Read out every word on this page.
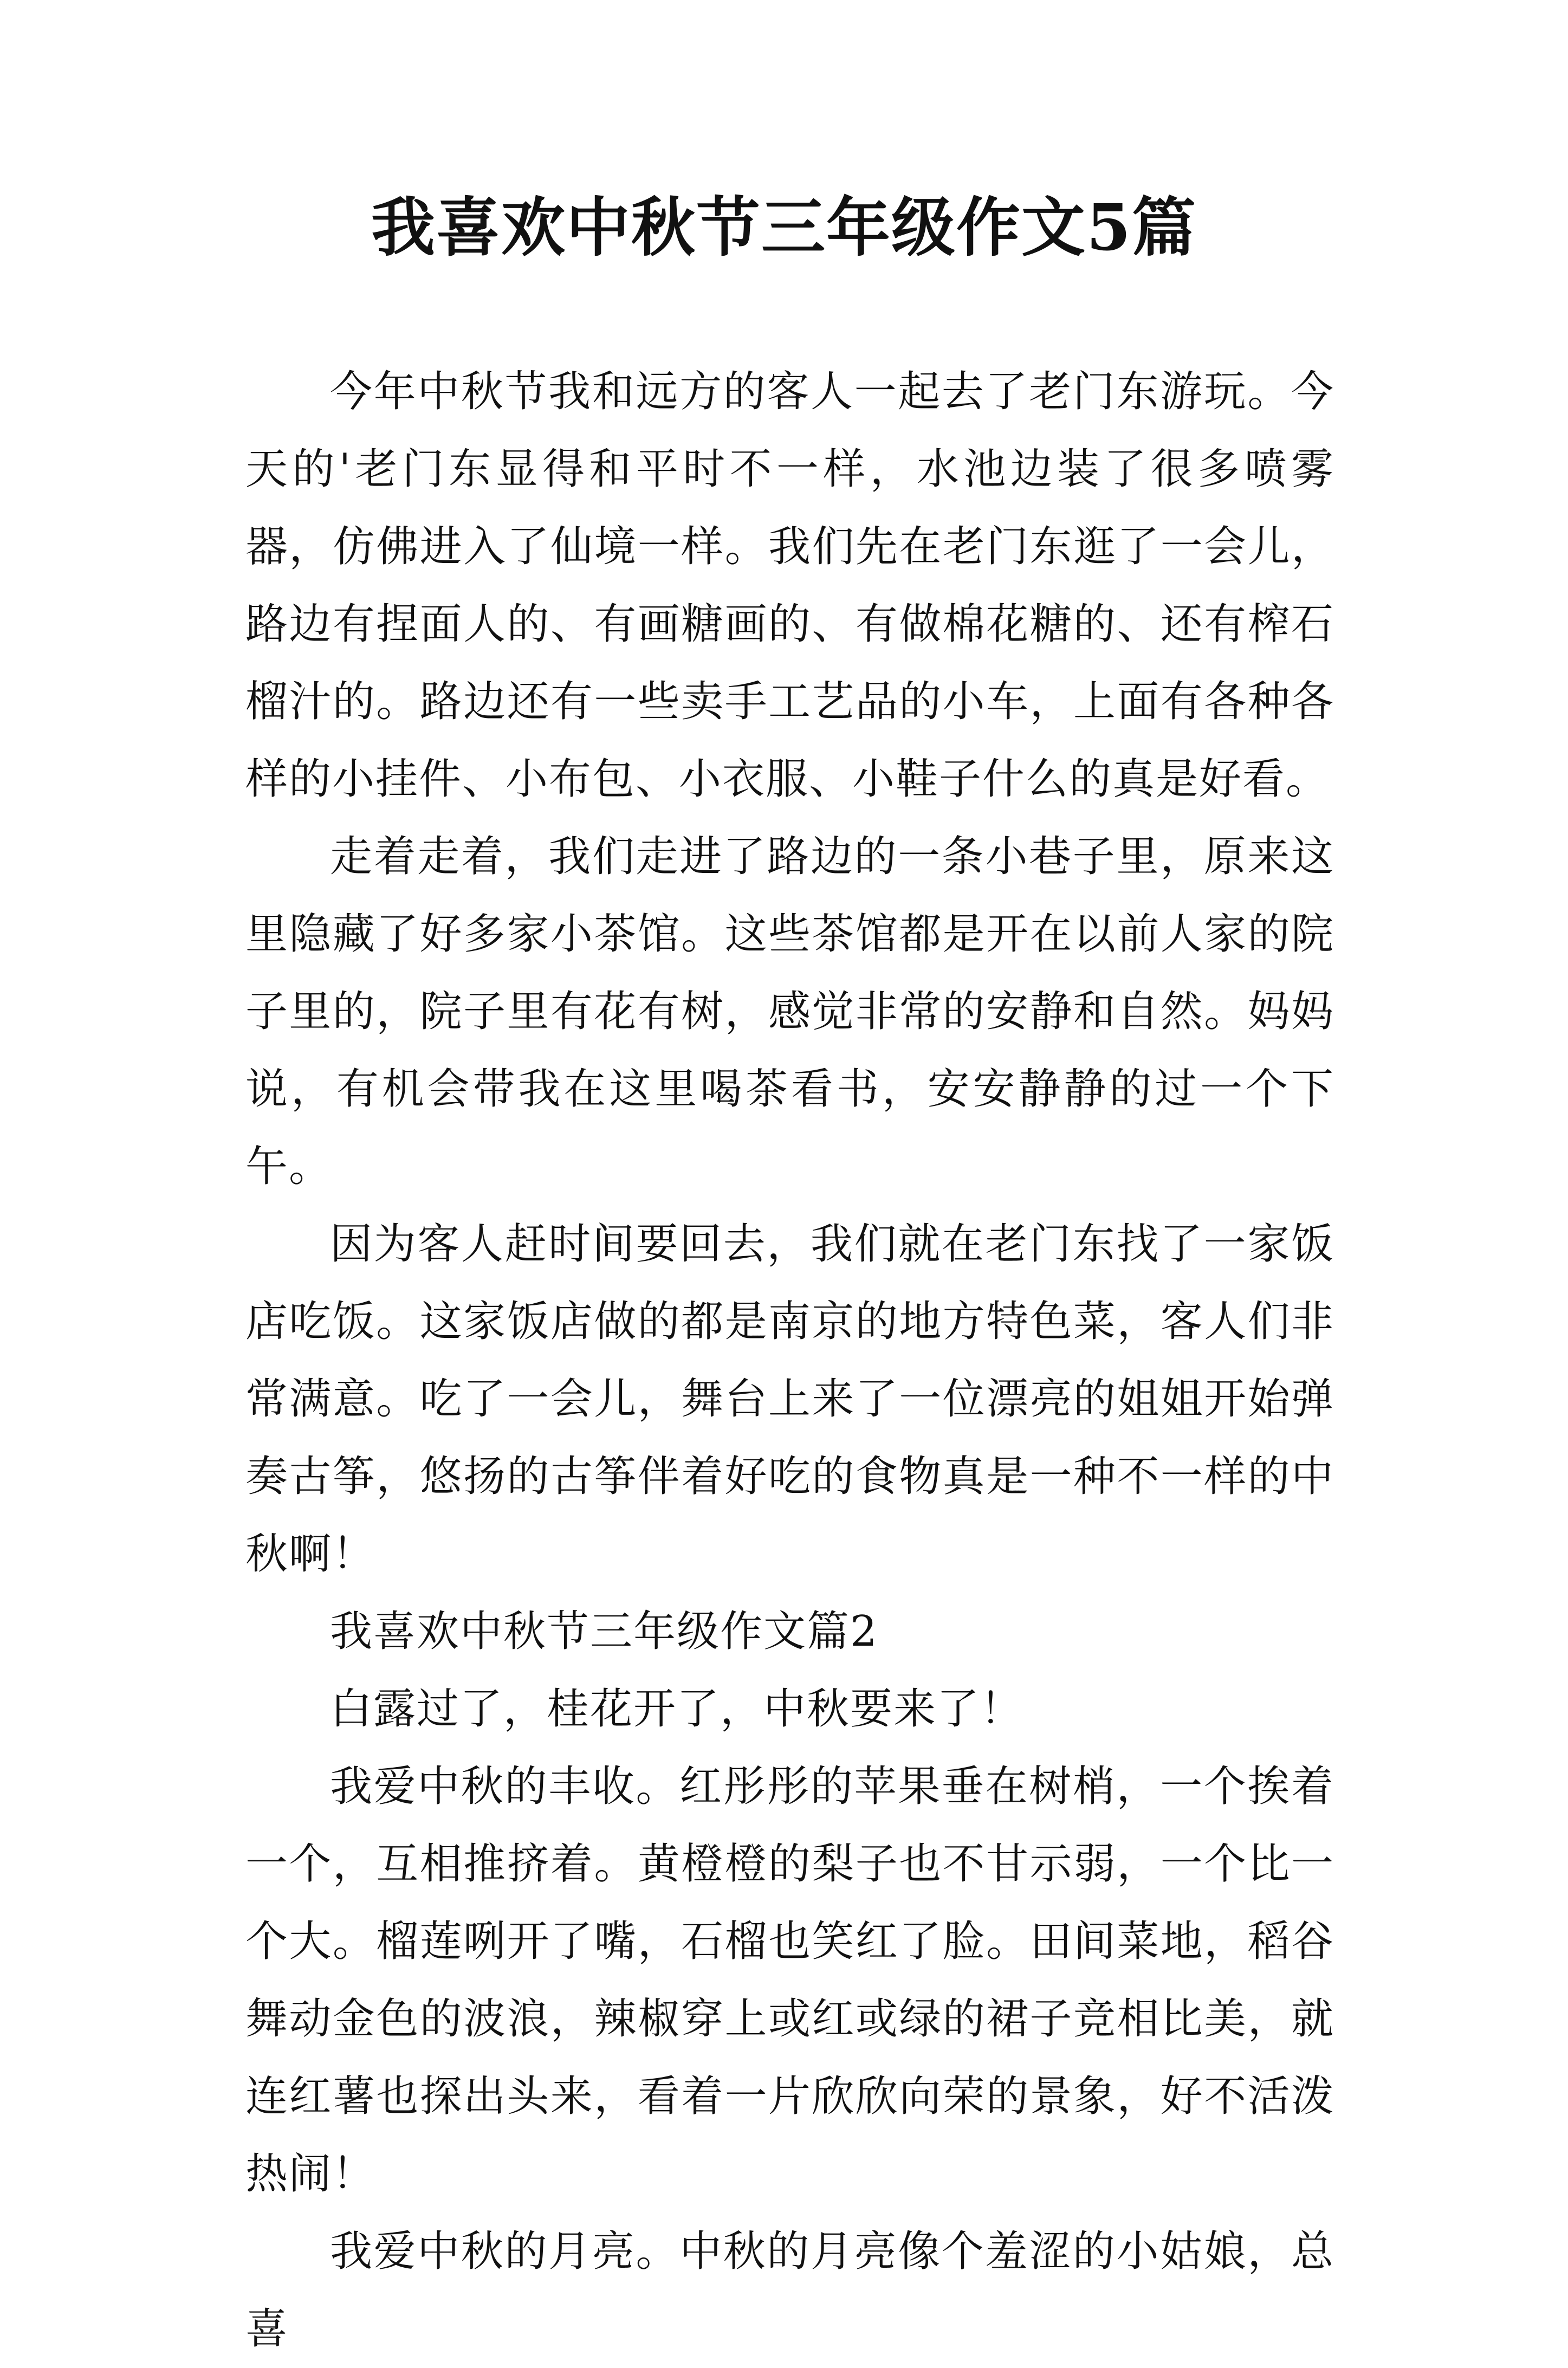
我喜欢中秋节三年级作文5篇

今年中秋节我和远方的客人一起去了老门东游玩。今天的'老门东显得和平时不一样，水池边装了很多喷雾器，仿佛进入了仙境一样。我们先在老门东逛了一会儿，路边有捏面人的、有画糖画的、有做棉花糖的、还有榨石榴汁的。路边还有一些卖手工艺品的小车，上面有各种各样的小挂件、小布包、小衣服、小鞋子什么的真是好看。

走着走着，我们走进了路边的一条小巷子里，原来这里隐藏了好多家小茶馆。这些茶馆都是开在以前人家的院子里的，院子里有花有树，感觉非常的安静和自然。妈妈说，有机会带我在这里喝茶看书，安安静静的过一个下午。

因为客人赶时间要回去，我们就在老门东找了一家饭店吃饭。这家饭店做的都是南京的地方特色菜，客人们非常满意。吃了一会儿，舞台上来了一位漂亮的姐姐开始弹奏古筝，悠扬的古筝伴着好吃的食物真是一种不一样的中秋啊！

我喜欢中秋节三年级作文篇2

白露过了，桂花开了，中秋要来了！

我爱中秋的丰收。红彤彤的苹果垂在树梢，一个挨着一个，互相推挤着。黄橙橙的梨子也不甘示弱，一个比一个大。榴莲咧开了嘴，石榴也笑红了脸。田间菜地，稻谷舞动金色的波浪，辣椒穿上或红或绿的裙子竞相比美，就连红薯也探出头来，看着一片欣欣向荣的景象，好不活泼热闹！

我爱中秋的月亮。中秋的月亮像个羞涩的小姑娘，总喜
